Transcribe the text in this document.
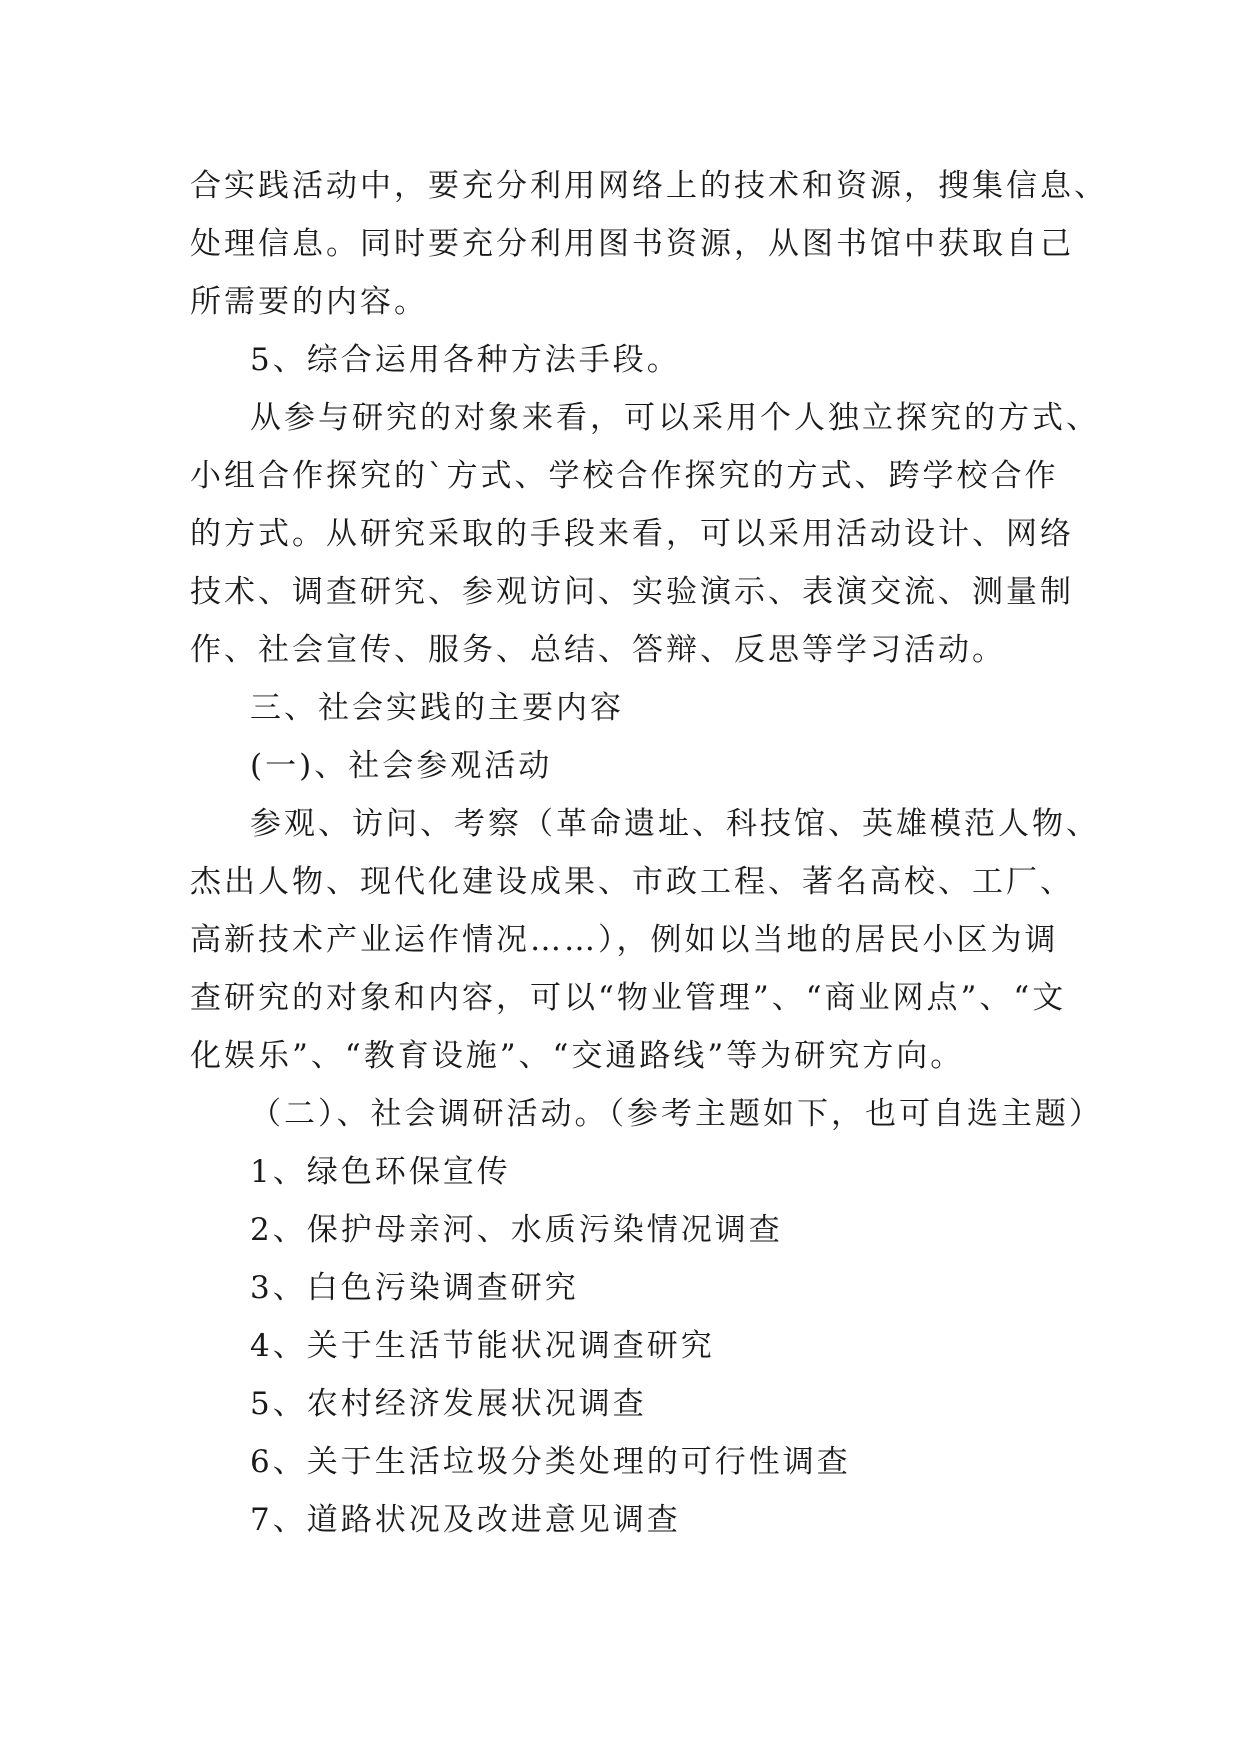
合实践活动中，要充分利用网络上的技术和资源，搜集信息、
处理信息。同时要充分利用图书资源，从图书馆中获取自己
所需要的内容。
5、综合运用各种方法手段。
从参与研究的对象来看，可以采用个人独立探究的方式、
小组合作探究的`方式、学校合作探究的方式、跨学校合作
的方式。从研究采取的手段来看，可以采用活动设计、网络
技术、调查研究、参观访问、实验演示、表演交流、测量制
作、社会宣传、服务、总结、答辩、反思等学习活动。
三、社会实践的主要内容
(一)、社会参观活动
参观、访问、考察（革命遗址、科技馆、英雄模范人物、
杰出人物、现代化建设成果、市政工程、著名高校、工厂、
高新技术产业运作情况……），例如以当地的居民小区为调
查研究的对象和内容，可以“物业管理”、“商业网点”、“文
化娱乐”、“教育设施”、“交通路线”等为研究方向。
（二）、社会调研活动。（参考主题如下，也可自选主题）
1、绿色环保宣传
2、保护母亲河、水质污染情况调查
3、白色污染调查研究
4、关于生活节能状况调查研究
5、农村经济发展状况调查
6、关于生活垃圾分类处理的可行性调查
7、道路状况及改进意见调查
